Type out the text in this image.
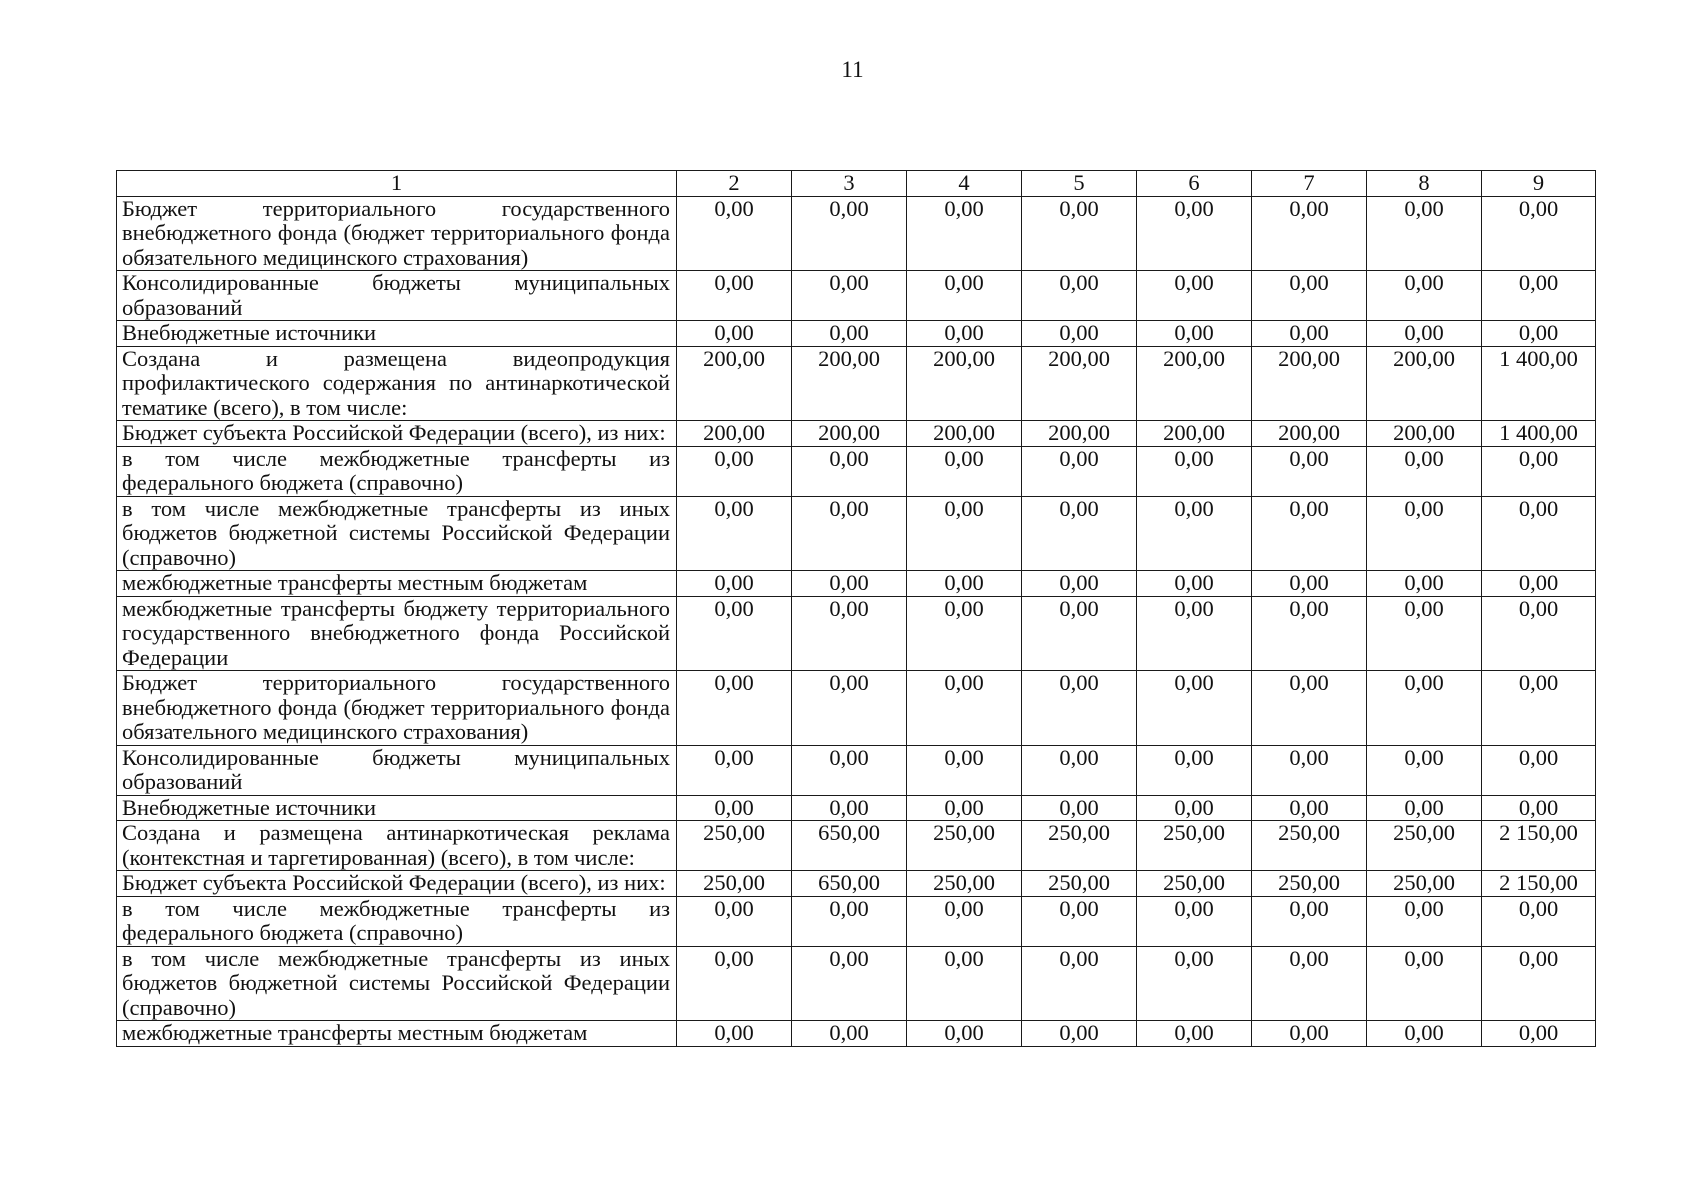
11
1	2	3	4	5	6	7	8	9
Бюджет территориального государственного внебюджетного фонда (бюджет территориального фонда обязательного медицинского страхования)	0,00	0,00	0,00	0,00	0,00	0,00	0,00	0,00
Консолидированные бюджеты муниципальных образований	0,00	0,00	0,00	0,00	0,00	0,00	0,00	0,00
Внебюджетные источники	0,00	0,00	0,00	0,00	0,00	0,00	0,00	0,00
Создана и размещена видеопродукция профилактического содержания по антинаркотической тематике (всего), в том числе:	200,00	200,00	200,00	200,00	200,00	200,00	200,00	1 400,00
Бюджет субъекта Российской Федерации (всего), из них:	200,00	200,00	200,00	200,00	200,00	200,00	200,00	1 400,00
в том числе межбюджетные трансферты из федерального бюджета (справочно)	0,00	0,00	0,00	0,00	0,00	0,00	0,00	0,00
в том числе межбюджетные трансферты из иных бюджетов бюджетной системы Российской Федерации (справочно)	0,00	0,00	0,00	0,00	0,00	0,00	0,00	0,00
межбюджетные трансферты местным бюджетам	0,00	0,00	0,00	0,00	0,00	0,00	0,00	0,00
межбюджетные трансферты бюджету территориального государственного внебюджетного фонда Российской Федерации	0,00	0,00	0,00	0,00	0,00	0,00	0,00	0,00
Бюджет территориального государственного внебюджетного фонда (бюджет территориального фонда обязательного медицинского страхования)	0,00	0,00	0,00	0,00	0,00	0,00	0,00	0,00
Консолидированные бюджеты муниципальных образований	0,00	0,00	0,00	0,00	0,00	0,00	0,00	0,00
Внебюджетные источники	0,00	0,00	0,00	0,00	0,00	0,00	0,00	0,00
Создана и размещена антинаркотическая реклама (контекстная и таргетированная) (всего), в том числе:	250,00	650,00	250,00	250,00	250,00	250,00	250,00	2 150,00
Бюджет субъекта Российской Федерации (всего), из них:	250,00	650,00	250,00	250,00	250,00	250,00	250,00	2 150,00
в том числе межбюджетные трансферты из федерального бюджета (справочно)	0,00	0,00	0,00	0,00	0,00	0,00	0,00	0,00
в том числе межбюджетные трансферты из иных бюджетов бюджетной системы Российской Федерации (справочно)	0,00	0,00	0,00	0,00	0,00	0,00	0,00	0,00
межбюджетные трансферты местным бюджетам	0,00	0,00	0,00	0,00	0,00	0,00	0,00	0,00
